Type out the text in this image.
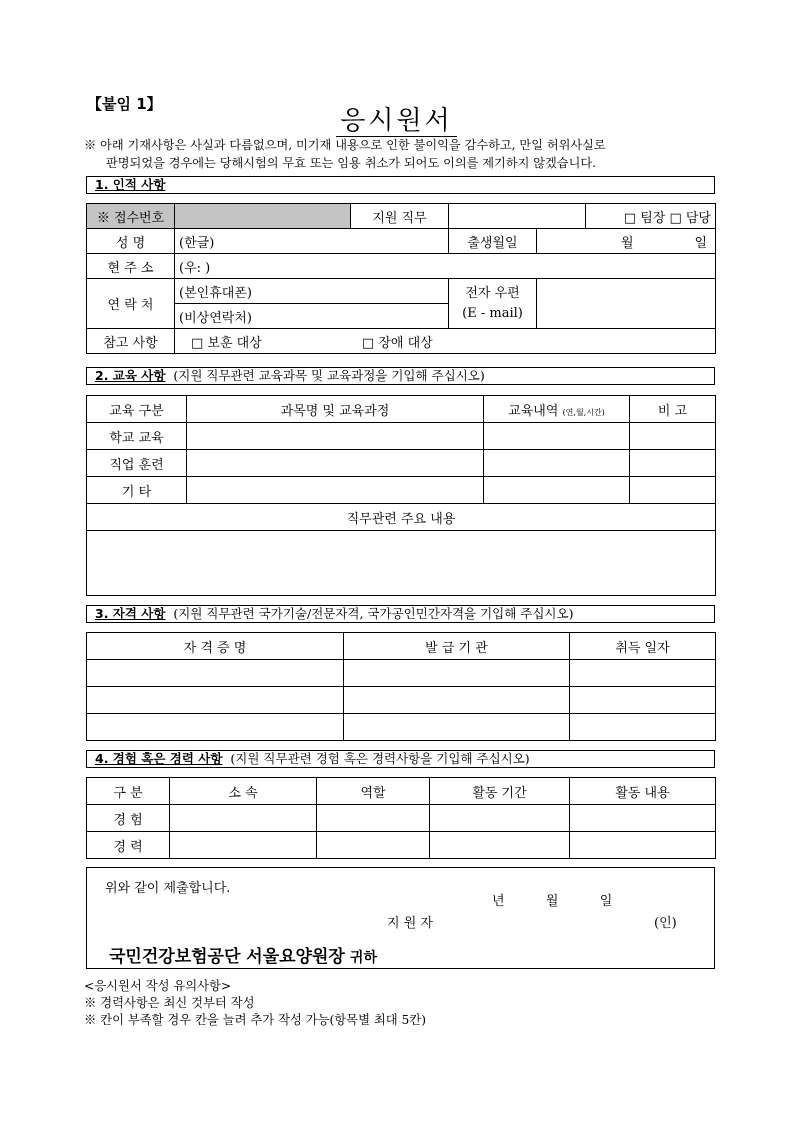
【붙임 1】
응시원서
※ 아래 기재사항은 사실과 다름없으며, 미기재 내용으로 인한 불이익을 감수하고, 만일 허위사실로
판명되었을 경우에는 당해시험의 무효 또는 임용 취소가 되어도 이의를 제기하지 않겠습니다.
1. 인적 사항
※ 접수번호		지원 직무			□ 팀장 □ 담당
성 명	(한글)		출생월일	월 일	

현 주 소	(우: )				
연 락 처	(본인휴대폰)		전자 우편
(E - mail)		
	(비상연락처)				
참고 사항	□ 보훈 대상 □ 장애 대상				
2. 교육 사항 (지원 직무관련 교육과목 및 교육과정을 기입해 주십시오)
교육 구분	과목명 및 교육과정	교육내역 (연,월,시간)	비 고
학교 교육			
직업 훈련			
기 타			
직무관련 주요 내용			

3. 자격 사항 (지원 직무관련 국가기술/전문자격, 국가공인민간자격을 기입해 주십시오)
자 격 증 명	발 급 기 관	취득 일자

4. 경험 혹은 경력 사항 (지원 직무관련 경험 혹은 경력사항을 기입해 주십시오)
구 분	소 속	역할	활동 기간	활동 내용
경 험				
경 력				
위와 같이 제출합니다.
년          월          일
지 원 자	(인)
국민건강보험공단 서울요양원장 귀하
<응시원서 작성 유의사항>
※ 경력사항은 최신 것부터 작성
※ 칸이 부족할 경우 칸을 늘려 추가 작성 가능(항목별 최대 5칸)
